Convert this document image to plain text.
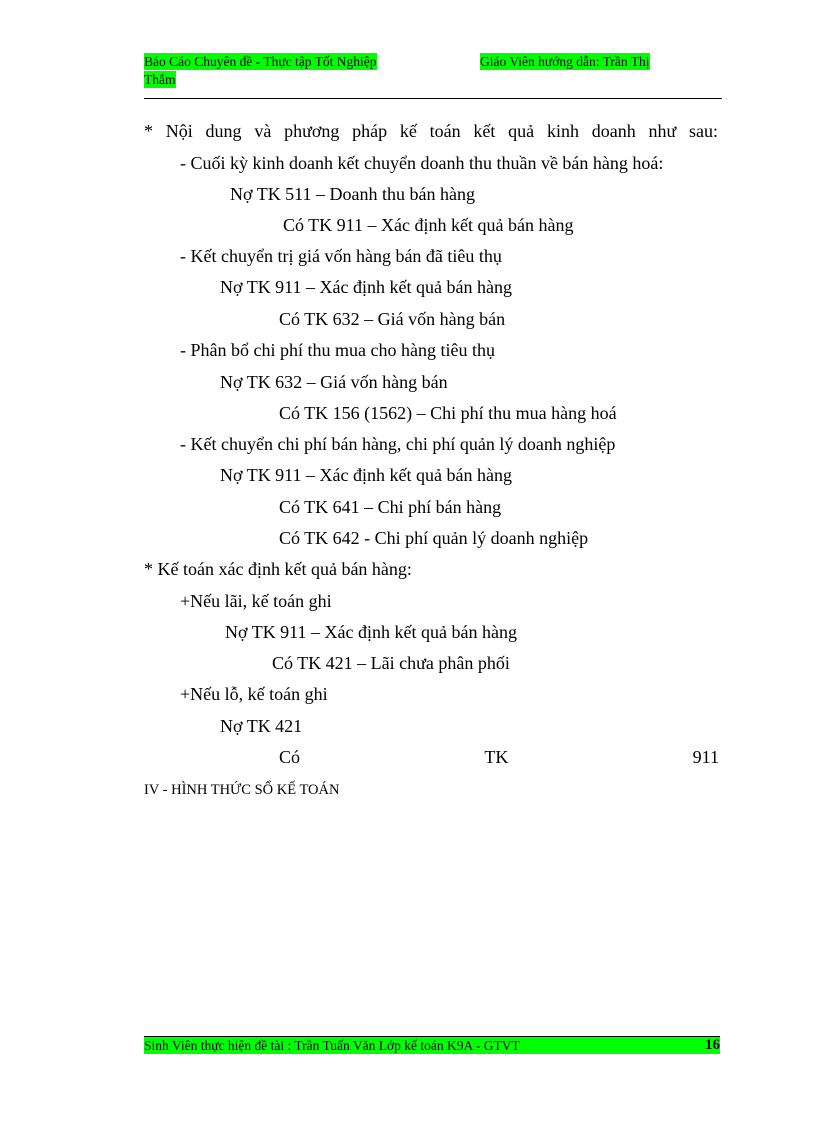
Báo Cáo Chuyên đề - Thực tập Tốt Nghiệp	Giáo Viên hướng dẫn: Trần Thị
Thắm
* Nội dung và phương pháp kế toán kết quả kinh doanh như sau:
- Cuối kỳ kinh doanh kết chuyển doanh thu thuần về bán hàng hoá:
Nợ TK 511 – Doanh thu bán hàng
Có TK 911 – Xác định kết quả bán hàng
- Kết chuyển trị giá vốn hàng bán đã tiêu thụ
Nợ TK 911 – Xác định kết quả bán hàng
Có TK 632 – Giá vốn hàng bán
- Phân bổ chi phí thu mua cho hàng tiêu thụ
Nợ TK 632 – Giá vốn hàng bán
Có TK 156 (1562) – Chi phí thu mua hàng hoá
- Kết chuyển chi phí bán hàng, chi phí quản lý doanh nghiệp
Nợ TK 911 – Xác định kết quả bán hàng
Có TK 641 – Chi phí bán hàng
Có TK 642 - Chi phí quản lý doanh nghiệp
* Kế toán xác định kết quả bán hàng:
+Nếu lãi, kế toán ghi
Nợ TK 911 – Xác định kết quả bán hàng
Có TK 421 – Lãi chưa phân phối
+Nếu lỗ, kế toán ghi
Nợ TK 421
Có	TK	911
IV - HÌNH THỨC SỔ KẾ TOÁN
Sinh Viên thực hiện đề tài : Trần Tuấn Văn Lớp kế toán K9A - GTVT	16
